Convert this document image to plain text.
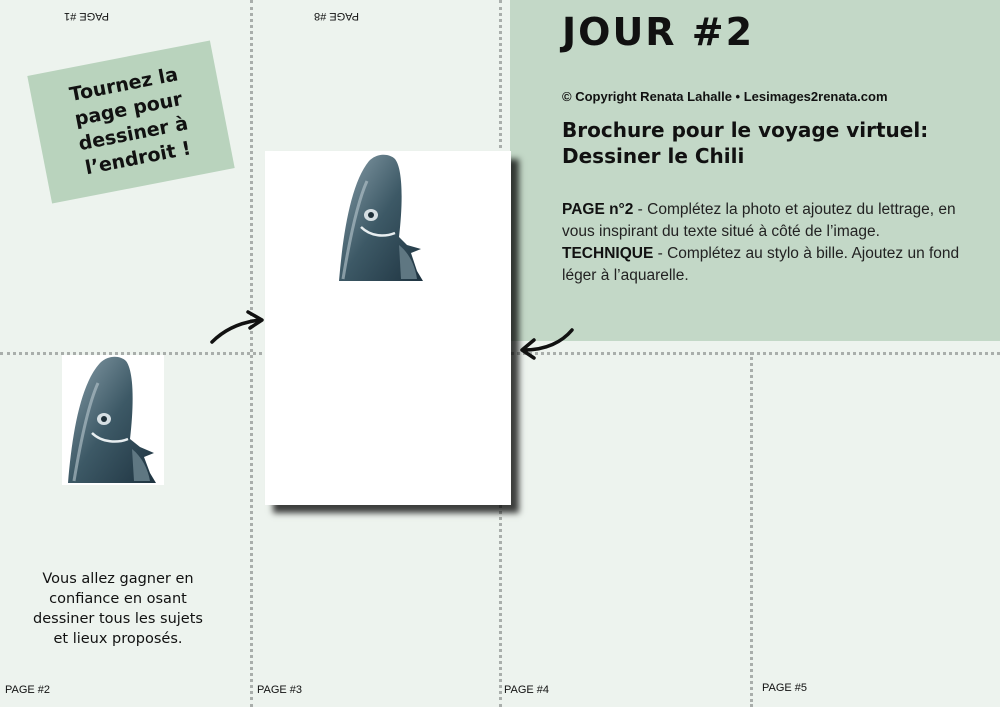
PAGE #1	PAGE #8
PAGE #2	PAGE #3	PAGE #4	PAGE #5
Tournez la
page pour
dessiner à
l’endroit !
JOUR #2
© Copyright Renata Lahalle • Lesimages2renata.com
Brochure pour le voyage virtuel:
Dessiner le Chili
PAGE n°2 - Complétez la photo et ajoutez du lettrage, en vous inspirant du texte situé à côté de l’image.
TECHNIQUE - Complétez au stylo à bille. Ajoutez un fond léger à l’aquarelle.
Vous allez gagner en
confiance en osant
dessiner tous les sujets
et lieux proposés.
